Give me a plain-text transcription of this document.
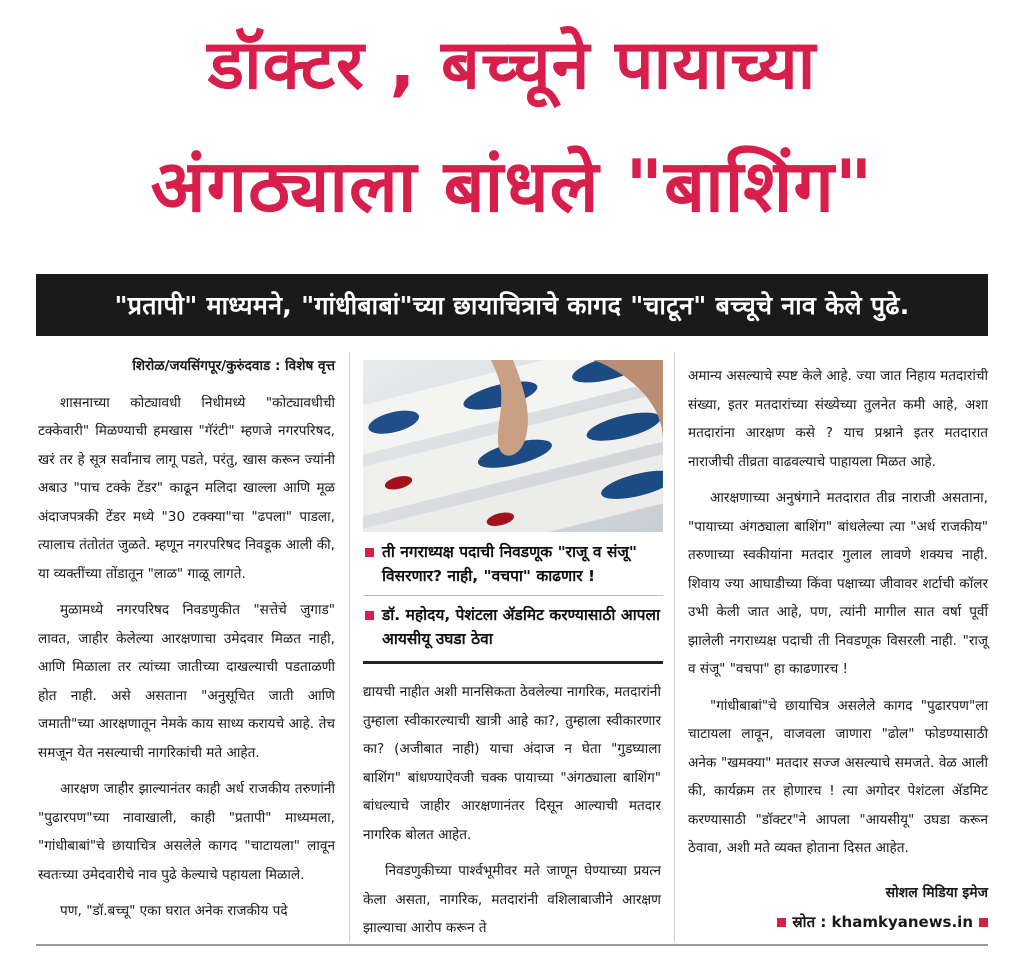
डॉक्टर , बच्चूने पायाच्या
अंगठ्याला बांधले "बाशिंग"
"प्रतापी" माध्यमने, "गांधीबाबां"च्या छायाचित्राचे कागद "चाटून" बच्चूचे नाव केले पुढे.

शिरोळ/जयसिंगपूर/कुरुंदवाड : विशेष वृत्त

शासनाच्या कोट्यावधी निधीमध्ये "कोट्यावधीची टक्केवारी" मिळण्याची हमखास "गॅरंटी" म्हणजे नगरपरिषद, खरं तर हे सूत्र सर्वांनाच लागू पडते, परंतु, खास करून ज्यांनी अबाउ "पाच टक्के टेंडर" काढून मलिदा खाल्ला आणि मूळ अंदाजपत्रकी टेंडर मध्ये "30 टक्क्या"चा "ढपला" पाडला, त्यालाच तंतोतंत जुळते. म्हणून नगरपरिषद निवडूक आली की, या व्यक्तींच्या तोंडातून "लाळ" गाळू लागते.

मुळामध्ये नगरपरिषद निवडणुकीत "सत्तेचे जुगाड" लावत, जाहीर केलेल्या आरक्षणाचा उमेदवार मिळत नाही, आणि मिळाला तर त्यांच्या जातीच्या दाखल्याची पडताळणी होत नाही. असे असताना "अनुसूचित जाती आणि जमाती"च्या आरक्षणातून नेमके काय साध्य करायचे आहे. तेच समजून येत नसल्याची नागरिकांची मते आहेत.

आरक्षण जाहीर झाल्यानंतर काही अर्ध राजकीय तरुणांनी "पुढारपण"च्या नावाखाली, काही "प्रतापी" माध्यमला, "गांधीबाबां"चे छायाचित्र असलेले कागद "चाटायला" लावून स्वतःच्या उमेदवारीचे नाव पुढे केल्याचे पहायला मिळाले.

पण, "डॉ.बच्चू" एका घरात अनेक राजकीय पदे

ती नगराध्यक्ष पदाची निवडणूक "राजू व संजू" विसरणार? नाही, "वचपा" काढणार !
डॉ. महोदय, पेशंटला ॲडमिट करण्यासाठी आपला आयसीयू उघडा ठेवा

द्यायची नाहीत अशी मानसिकता ठेवलेल्या नागरिक, मतदारांनी तुम्हाला स्वीकारल्याची खात्री आहे का?, तुम्हाला स्वीकारणार का? (अजीबात नाही) याचा अंदाज न घेता "गुडघ्याला बाशिंग" बांधण्याऐवजी चक्क पायाच्या "अंगठ्याला बाशिंग" बांधल्याचे जाहीर आरक्षणानंतर दिसून आल्याची मतदार नागरिक बोलत आहेत.

निवडणुकीच्या पार्श्वभूमीवर मते जाणून घेण्याच्या प्रयत्न केला असता, नागरिक, मतदारांनी वशिलाबाजीने आरक्षण झाल्याचा आरोप करून ते

अमान्य असल्याचे स्पष्ट केले आहे. ज्या जात निहाय मतदारांची संख्या, इतर मतदारांच्या संख्येच्या तुलनेत कमी आहे, अशा मतदारांना आरक्षण कसे ? याच प्रश्नाने इतर मतदारात नाराजीची तीव्रता वाढवल्याचे पाहायला मिळत आहे.

आरक्षणाच्या अनुषंगाने मतदारात तीव्र नाराजी असताना, "पायाच्या अंगठ्याला बाशिंग" बांधलेल्या त्या "अर्ध राजकीय" तरुणाच्या स्वकीयांना मतदार गुलाल लावणे शक्यच नाही. शिवाय ज्या आघाडीच्या किंवा पक्षाच्या जीवावर शर्टाची कॉलर उभी केली जात आहे, पण, त्यांनी मागील सात वर्षा पूर्वी झालेली नगराध्यक्ष पदाची ती निवडणूक विसरली नाही. "राजू व संजू" "वचपा" हा काढणारच !

"गांधीबाबां"चे छायाचित्र असलेले कागद "पुढारपण"ला चाटायला लावून, वाजवला जाणारा "ढोल" फोडण्यासाठी अनेक "खमक्या" मतदार सज्ज असल्याचे समजते. वेळ आली की, कार्यक्रम तर होणारच ! त्या अगोदर पेशंटला ॲडमिट करण्यासाठी "डॉक्टर"ने आपला "आयसीयू" उघडा करून ठेवावा, अशी मते व्यक्त होताना दिसत आहेत.

सोशल मिडिया इमेज
स्रोत : khamkyanews.in
